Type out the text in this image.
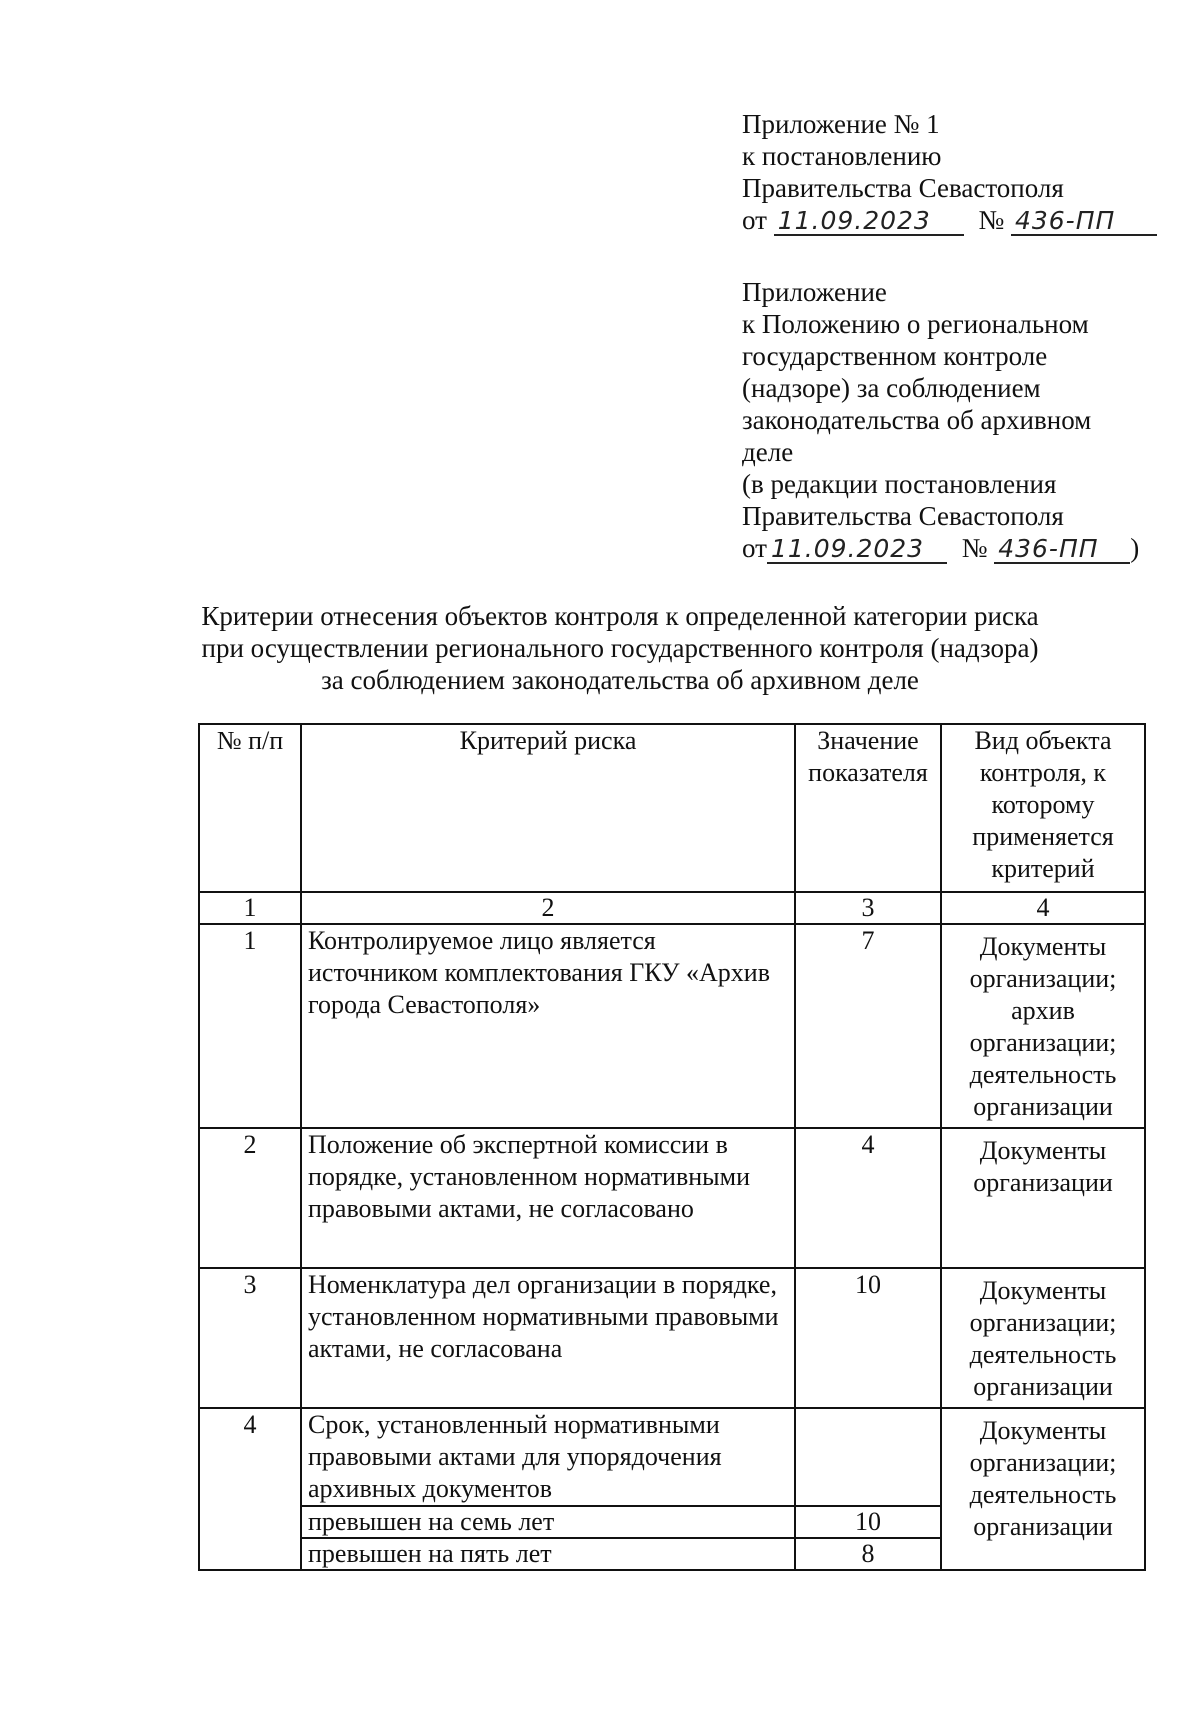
Приложение № 1
к постановлению
Правительства Севастополя
от 11.09.2023 № 436-ПП
Приложение
к Положению о региональном
государственном контроле
(надзоре) за соблюдением
законодательства об архивном
деле
(в редакции постановления
Правительства Севастополя
от 11.09.2023 № 436-ПП )
Критерии отнесения объектов контроля к определенной категории риска
при осуществлении регионального государственного контроля (надзора)
за соблюдением законодательства об архивном деле
№ п/п	Критерий риска	Значение показателя	Вид объекта контроля, к которому применяется критерий
1	2	3	4
1	Контролируемое лицо является источником комплектования ГКУ «Архив города Севастополя»	7	Документы организации; архив организации; деятельность организации
2	Положение об экспертной комиссии в порядке, установленном нормативными правовыми актами, не согласовано	4	Документы организации
3	Номенклатура дел организации в порядке, установленном нормативными правовыми актами, не согласована	10	Документы организации; деятельность организации
4	Срок, установленный нормативными правовыми актами для упорядочения архивных документов		Документы организации; деятельность организации
	превышен на семь лет	10	
	превышен на пять лет	8	
